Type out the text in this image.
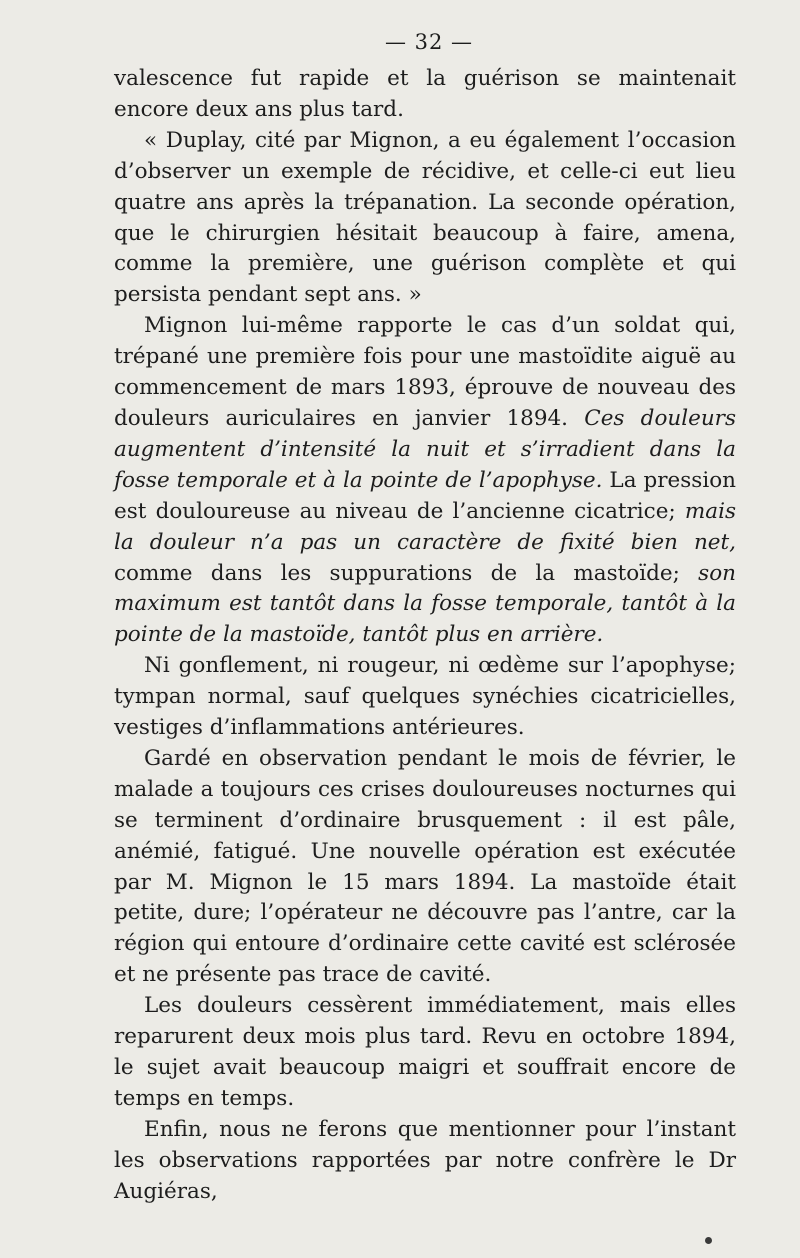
— 32 —

valescence fut rapide et la guérison se maintenait encore deux ans plus tard.

« Duplay, cité par Mignon, a eu également l’occasion d’observer un exemple de récidive, et celle-ci eut lieu quatre ans après la trépanation. La seconde opération, que le chirurgien hésitait beaucoup à faire, amena, comme la première, une guérison complète et qui persista pendant sept ans. »

Mignon lui-même rapporte le cas d’un soldat qui, trépané une première fois pour une mastoïdite aiguë au commencement de mars 1893, éprouve de nouveau des douleurs auriculaires en janvier 1894. Ces douleurs augmentent d’intensité la nuit et s’irradient dans la fosse temporale et à la pointe de l’apophyse. La pression est douloureuse au niveau de l’ancienne cicatrice; mais la douleur n’a pas un caractère de fixité bien net, comme dans les suppurations de la mastoïde; son maximum est tantôt dans la fosse temporale, tantôt à la pointe de la mastoïde, tantôt plus en arrière.

Ni gonflement, ni rougeur, ni œdème sur l’apophyse; tympan normal, sauf quelques synéchies cicatricielles, vestiges d’inflammations antérieures.

Gardé en observation pendant le mois de février, le malade a toujours ces crises douloureuses nocturnes qui se terminent d’ordinaire brusquement : il est pâle, anémié, fatigué. Une nouvelle opération est exécutée par M. Mignon le 15 mars 1894. La mastoïde était petite, dure; l’opérateur ne découvre pas l’antre, car la région qui entoure d’ordinaire cette cavité est sclérosée et ne présente pas trace de cavité.

Les douleurs cessèrent immédiatement, mais elles reparurent deux mois plus tard. Revu en octobre 1894, le sujet avait beaucoup maigri et souffrait encore de temps en temps.

Enfin, nous ne ferons que mentionner pour l’instant les observations rapportées par notre confrère le Dr Augiéras,
